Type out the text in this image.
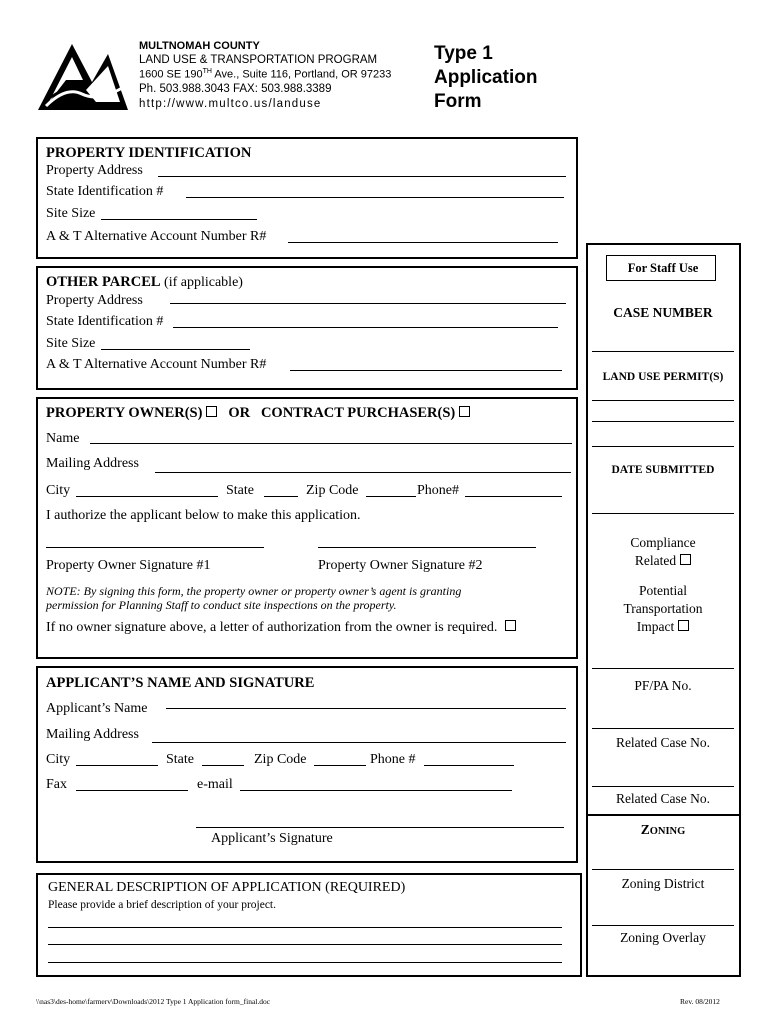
MULTNOMAH COUNTY
LAND USE & TRANSPORTATION PROGRAM
1600 SE 190TH Ave., Suite 116, Portland, OR 97233
Ph. 503.988.3043 FAX: 503.988.3389
http://www.multco.us/landuse
Type 1
Application
Form
PROPERTY IDENTIFICATION
Property Address
State Identification #
Site Size
A & T Alternative Account Number R#
OTHER PARCEL (if applicable)
Property Address
State Identification #
Site Size
A & T Alternative Account Number R#
PROPERTY OWNER(S) OR CONTRACT PURCHASER(S)
Name
Mailing Address
City	State	Zip Code	Phone#
I authorize the applicant below to make this application.
Property Owner Signature #1	Property Owner Signature #2
NOTE: By signing this form, the property owner or property owner’s agent is granting
permission for Planning Staff to conduct site inspections on the property.
If no owner signature above, a letter of authorization from the owner is required.
APPLICANT’S NAME AND SIGNATURE
Applicant’s Name
Mailing Address
City	State	Zip Code	Phone #
Fax	e-mail
Applicant’s Signature
GENERAL DESCRIPTION OF APPLICATION (REQUIRED)
Please provide a brief description of your project.
For Staff Use
CASE NUMBER
LAND USE PERMIT(S)
DATE SUBMITTED
Compliance
Related
Potential
Transportation
Impact
PF/PA No.
Related Case No.
Related Case No.
ZONING
Zoning District
Zoning Overlay
\\nas3\des-home\farmerv\Downloads\2012 Type 1 Application form_final.doc	Rev. 08/2012
